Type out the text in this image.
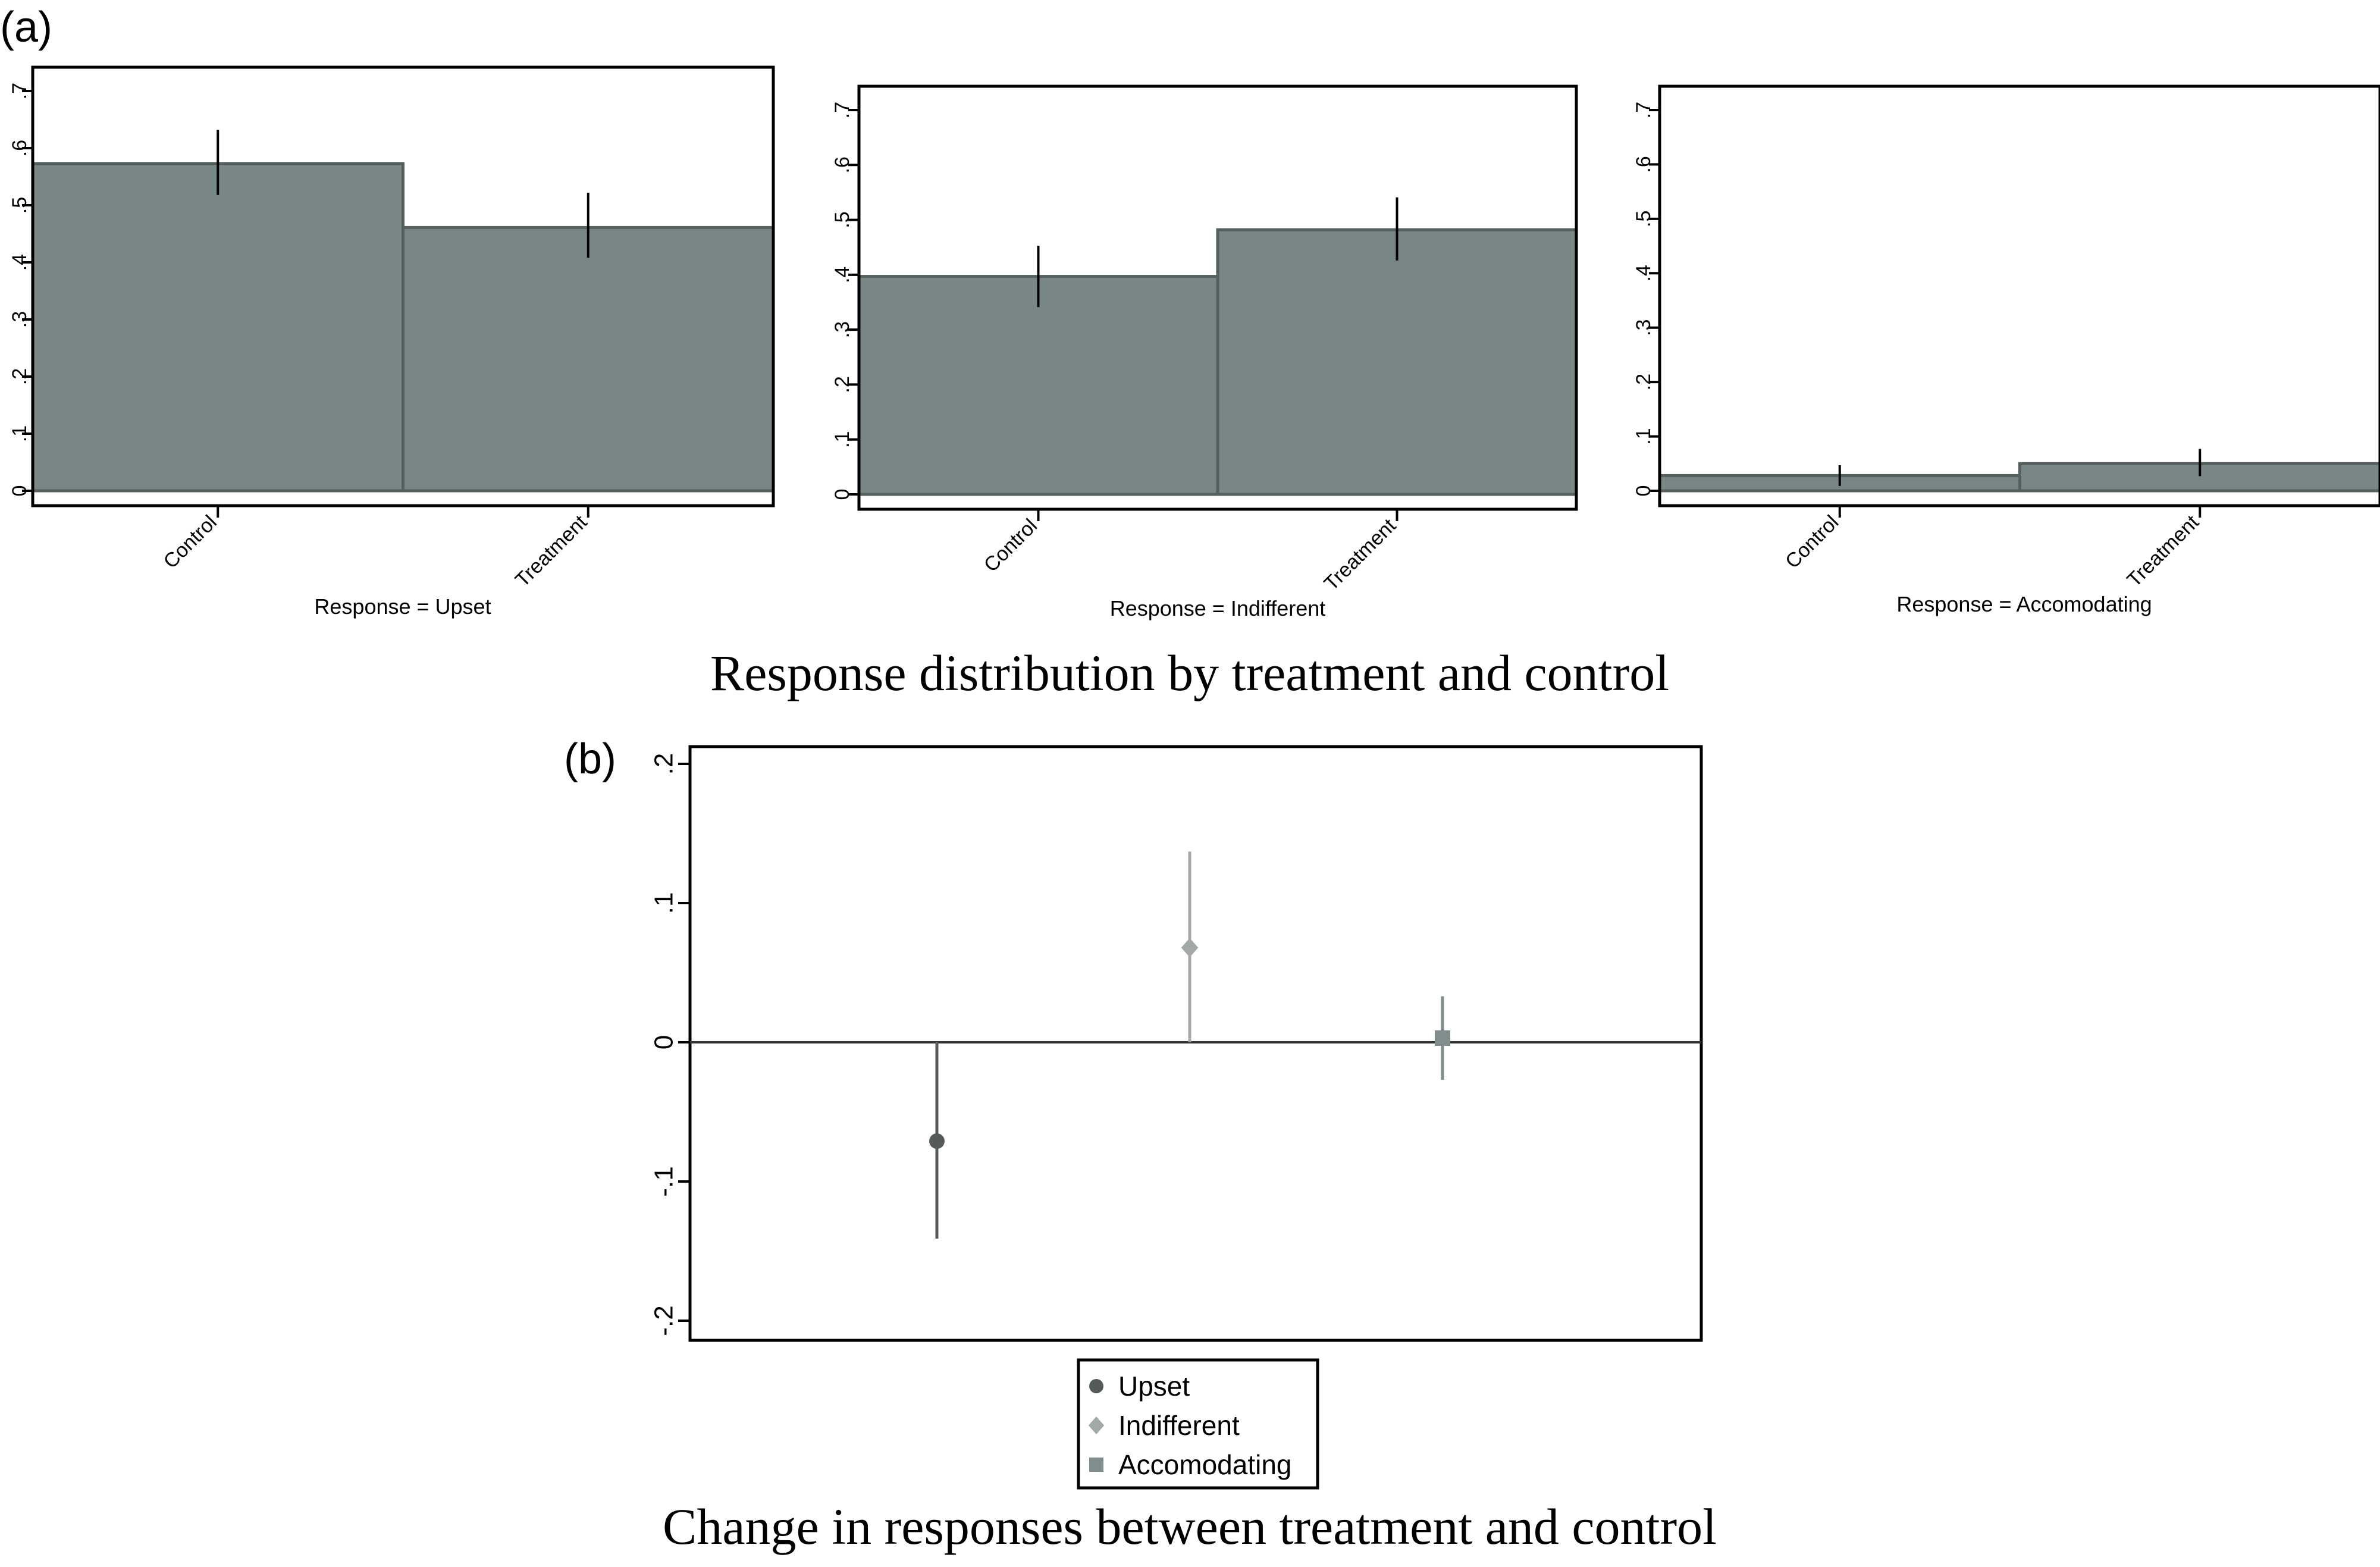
(a)
0
.1
.2
.3
.4
.5
.6
.7
Control	Treatment
Response = Upset
0
.1
.2
.3
.4
.5
.6
.7
Control	Treatment
Response = Indifferent
0
.1
.2
.3
.4
.5
.6
.7
Control	Treatment
Response = Accomodating
Response distribution by treatment and control
(b)
-.2
-.1
0
.1
.2
Upset
Indifferent
Accomodating
Change in responses between treatment and control
